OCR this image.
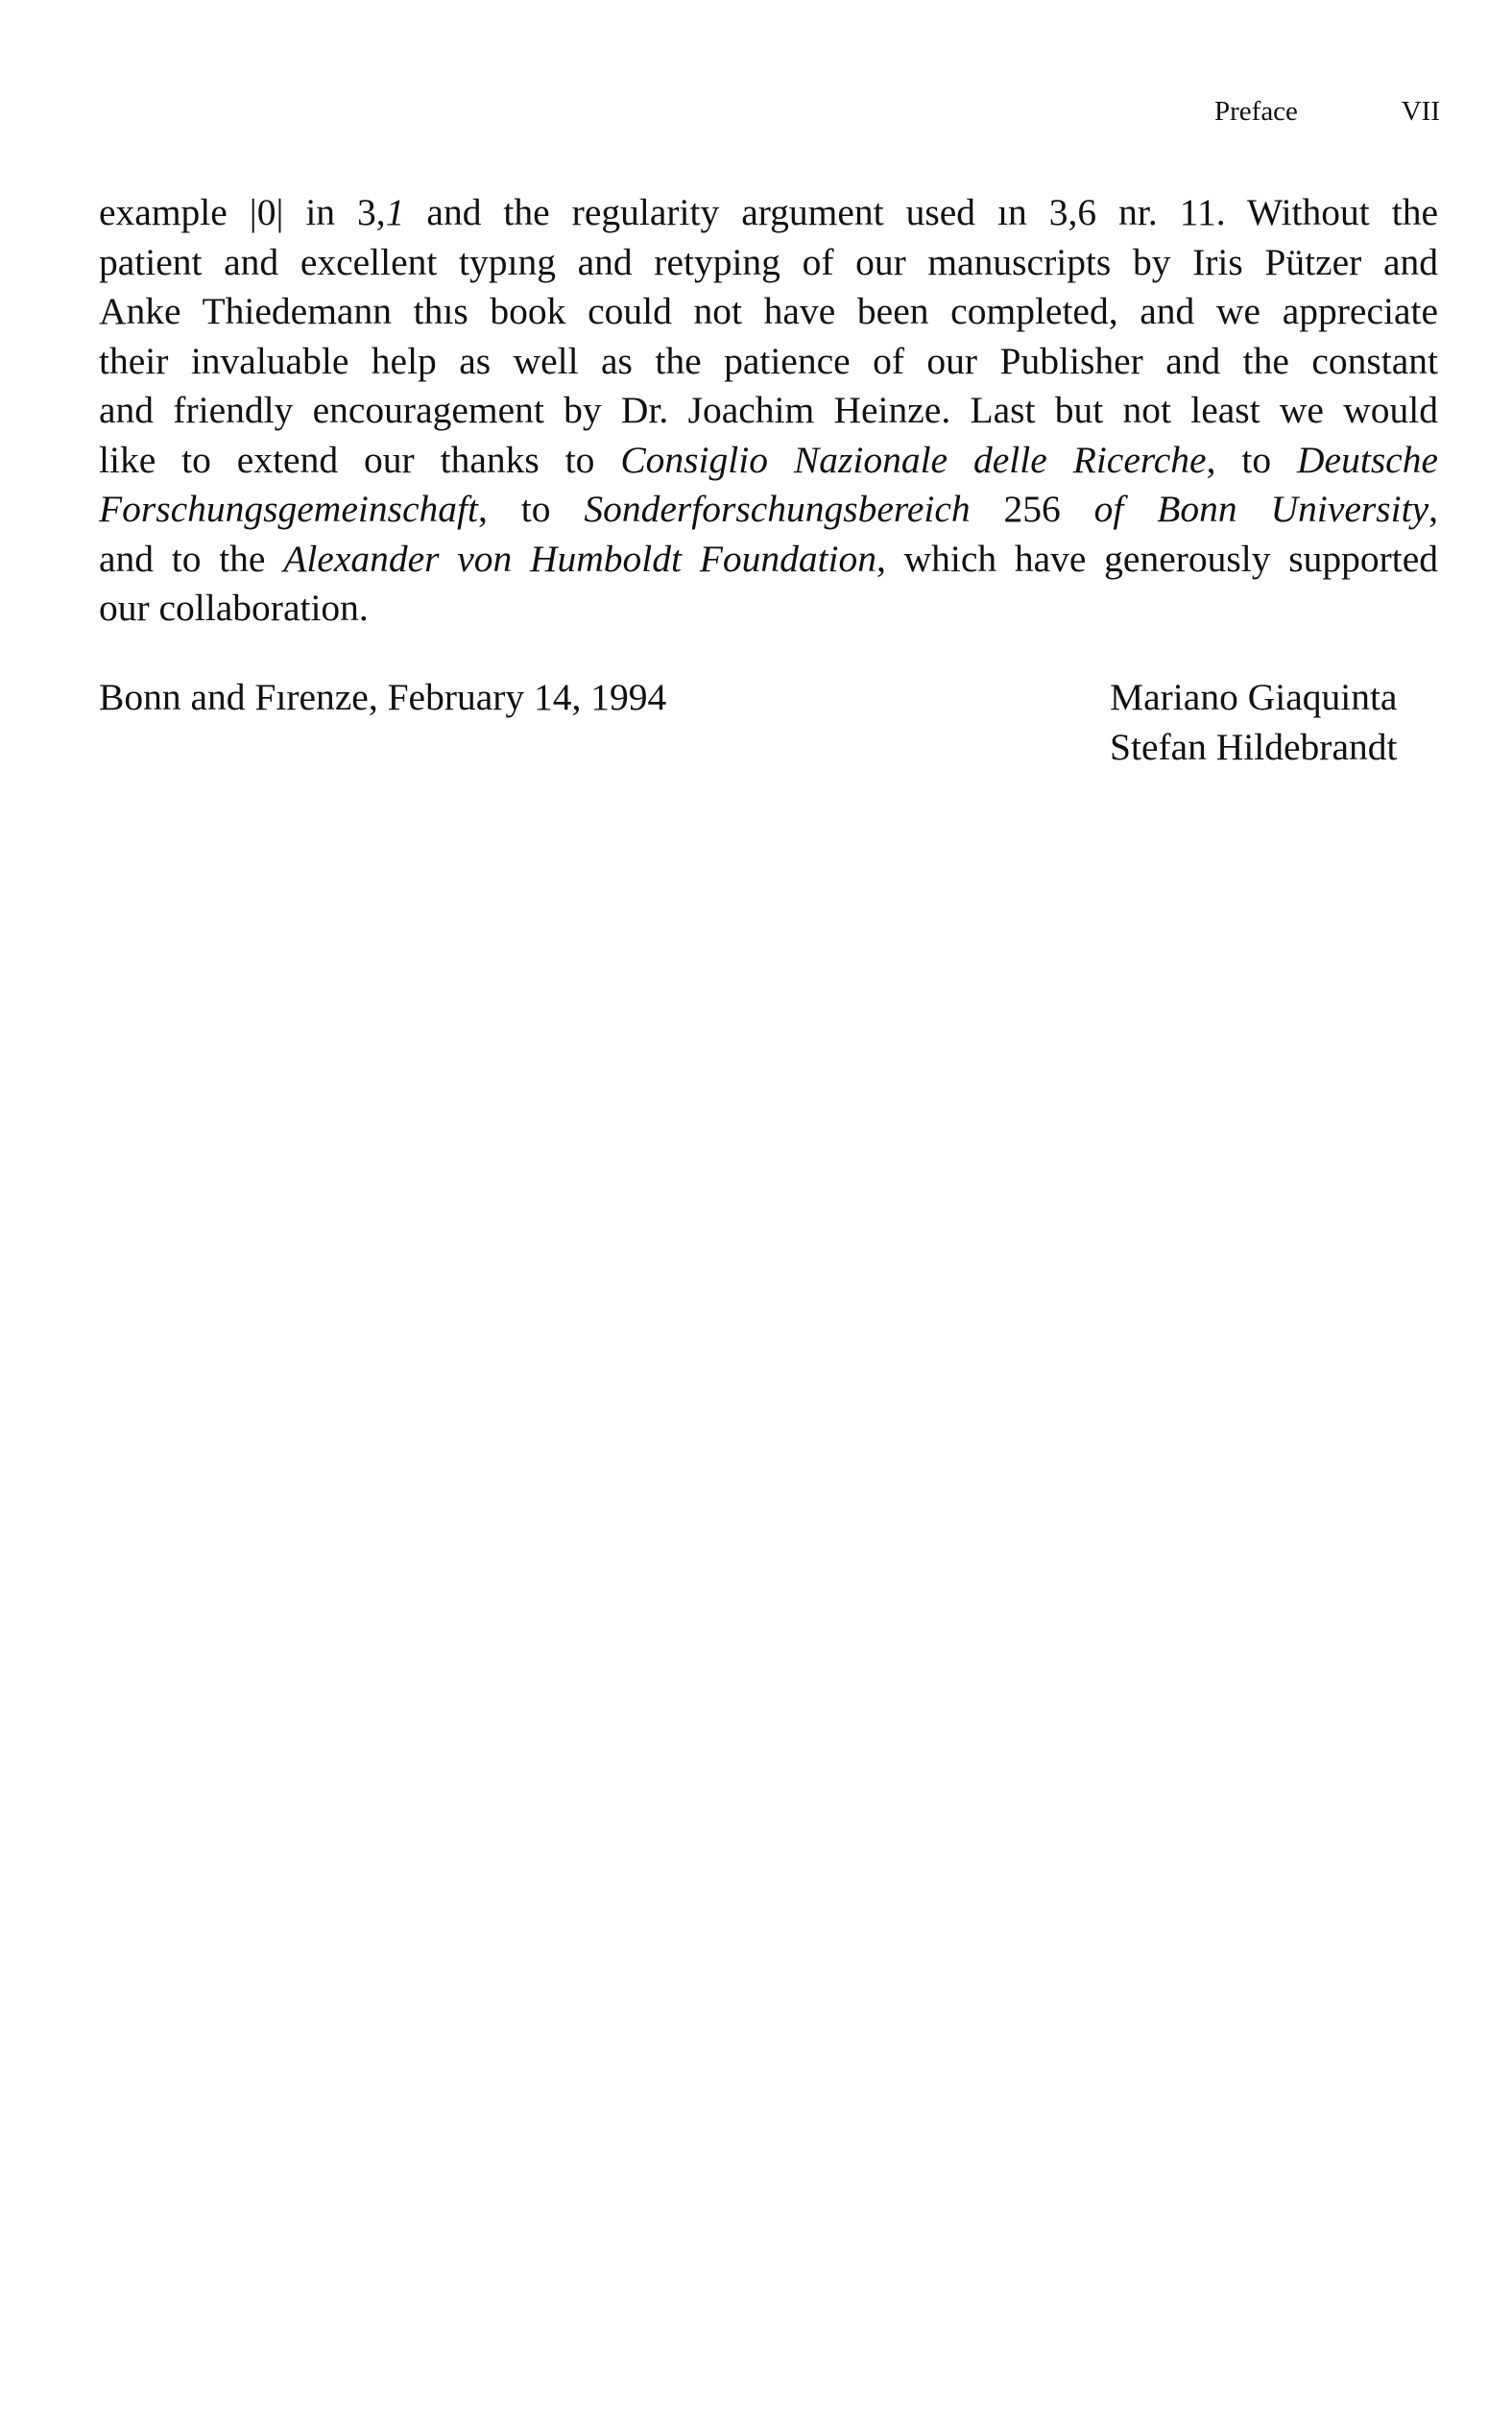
Preface	VII
example |0| in 3,1 and the regularity argument used ın 3,6 nr. 11. Without the
patient and excellent typıng and retyping of our manuscripts by Iris Pützer and
Anke Thiedemann thıs book could not have been completed, and we appreciate
their invaluable help as well as the patience of our Publisher and the constant
and friendly encouragement by Dr. Joachim Heinze. Last but not least we would
like to extend our thanks to Consiglio Nazionale delle Ricerche, to Deutsche
Forschungsgemeinschaft, to Sonderforschungsbereich 256 of Bonn University,
and to the Alexander von Humboldt Foundation, which have generously supported
our collaboration.
Bonn and Fırenze, February 14, 1994	Mariano Giaquinta
Stefan Hildebrandt
